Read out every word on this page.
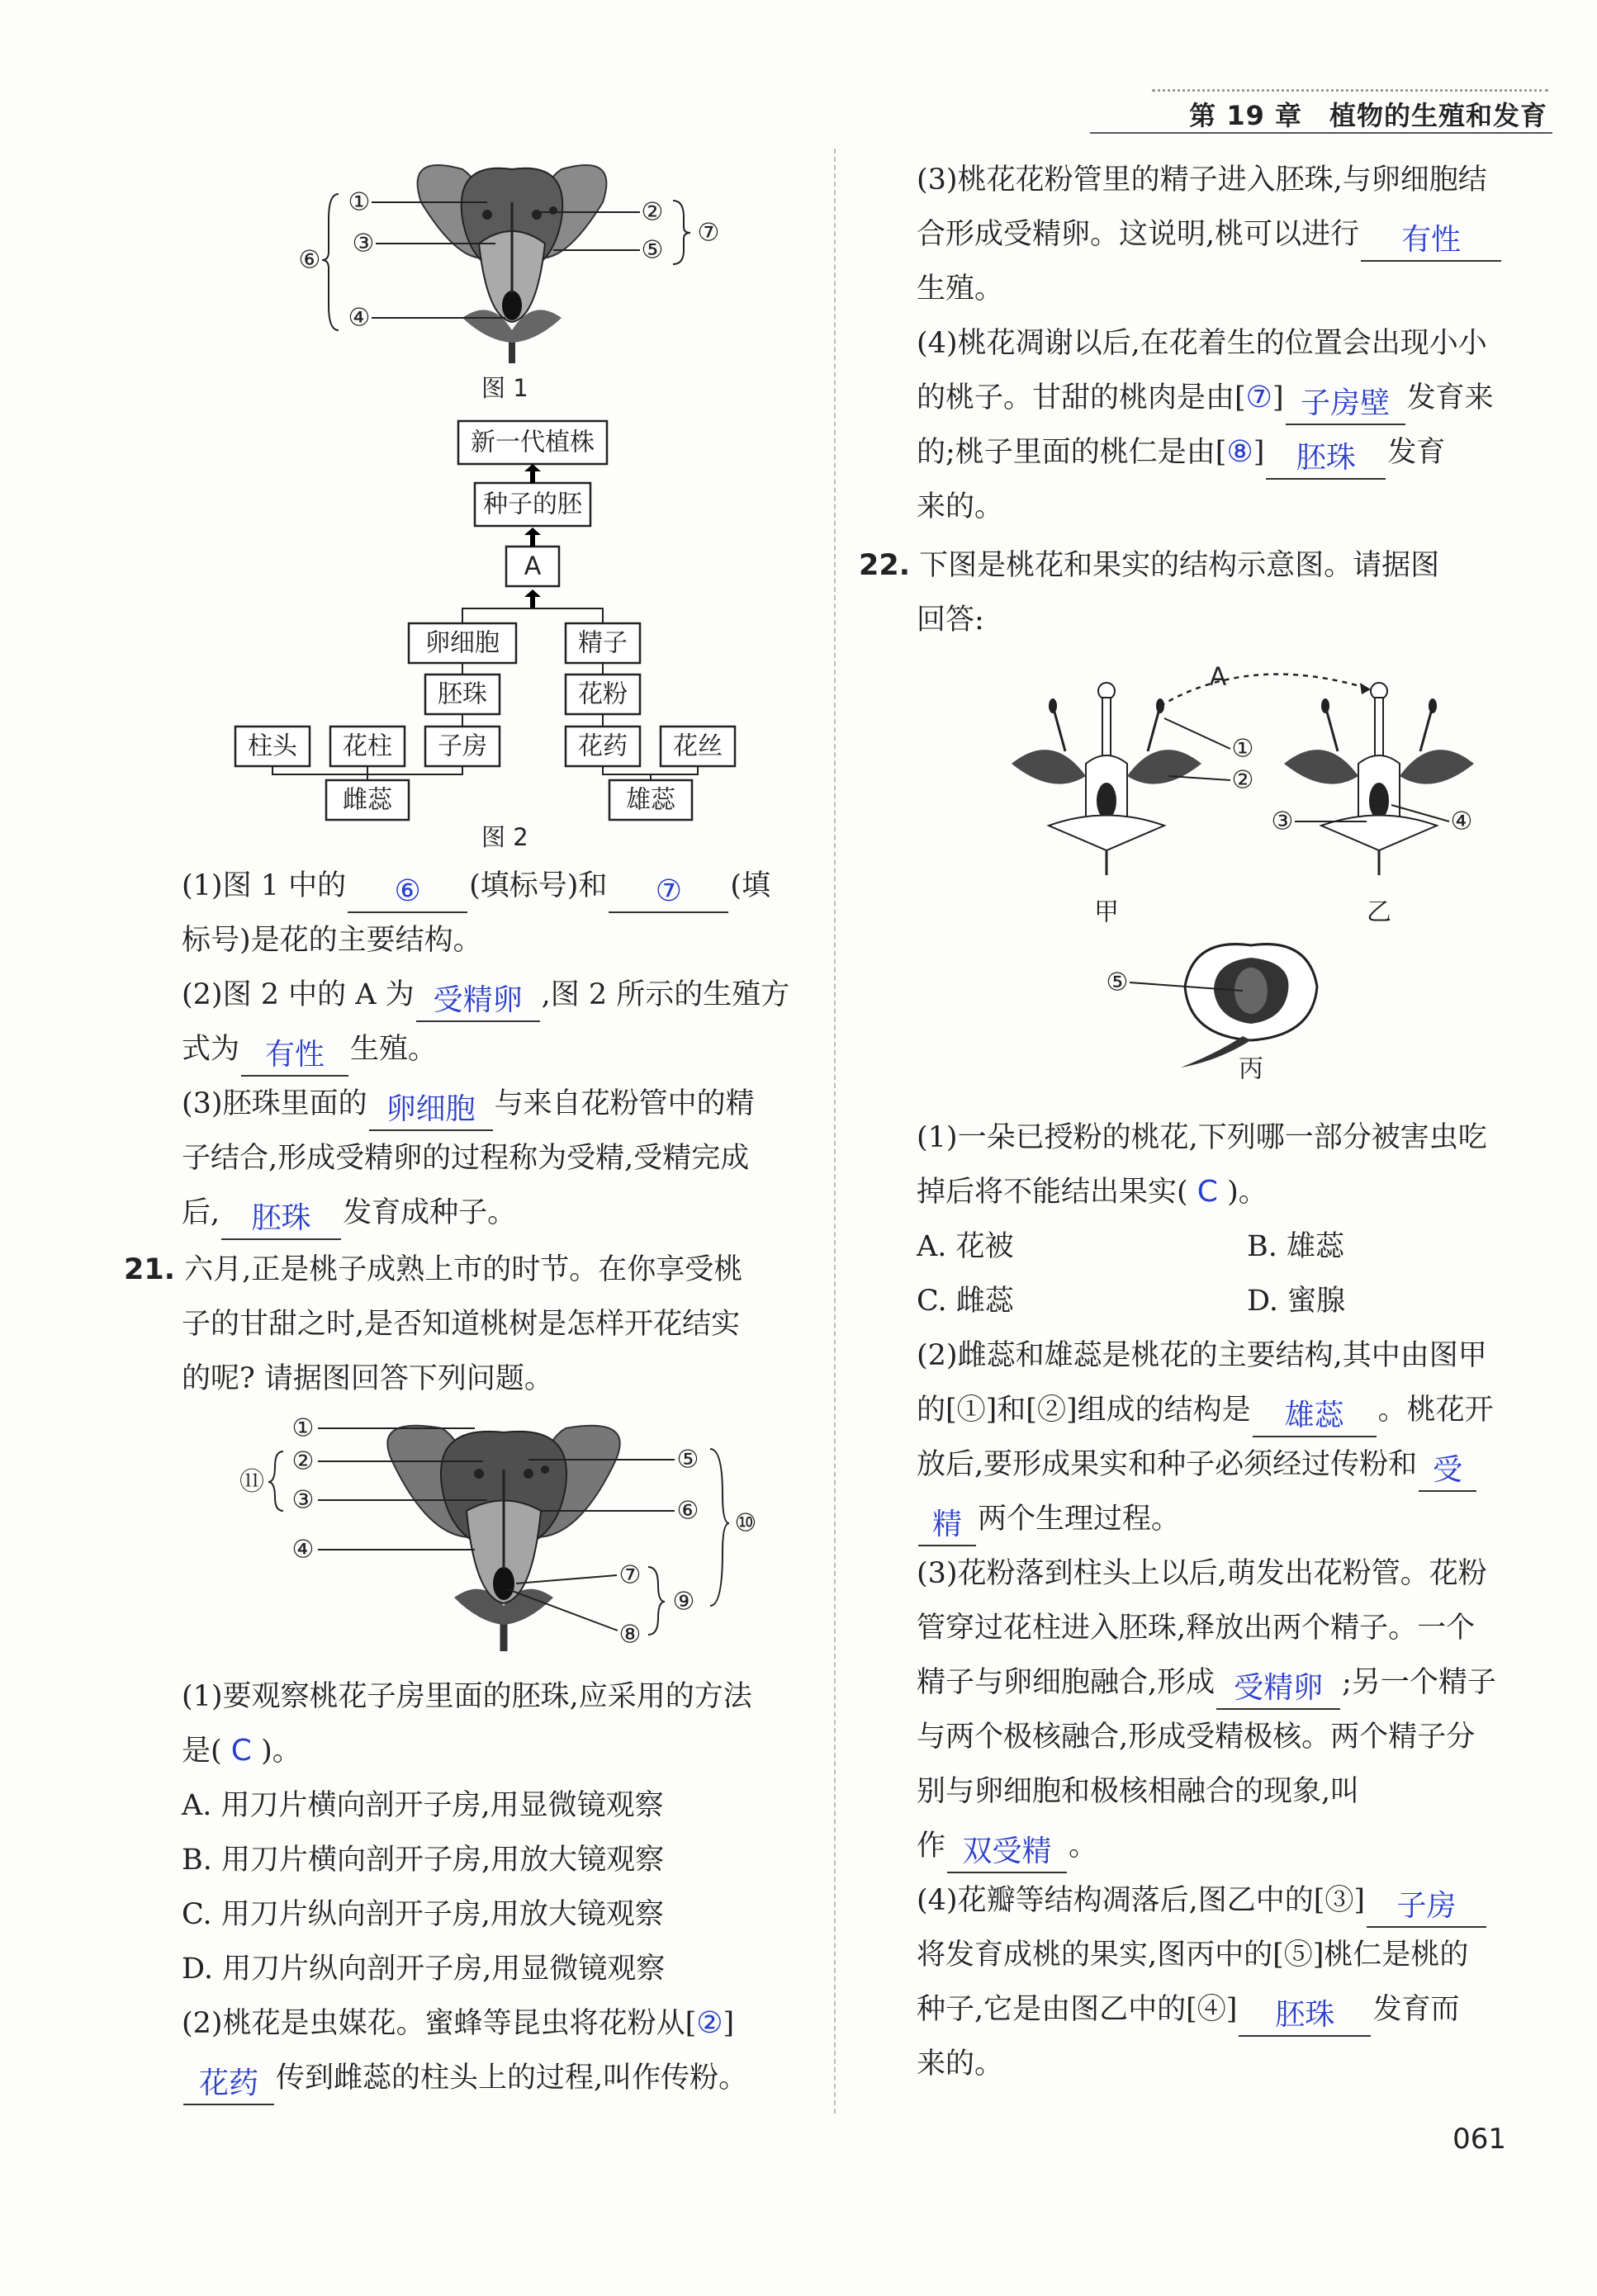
第 19 章　植物的生殖和发育
①
③
④
⑥
②
⑤
⑦
图 1
新一代植株
种子的胚
A
卵细胞	精子
胚珠	花粉
柱头 花柱 子房	花药 花丝
雌蕊	雄蕊
图 2
(1)图 1 中的 ⑥ (填标号)和 ⑦ (填
标号)是花的主要结构。
(2)图 2 中的 A 为 受精卵 ,图 2 所示的生殖方
式为 有性 生殖。
(3)胚珠里面的 卵细胞 与来自花粉管中的精
子结合,形成受精卵的过程称为受精,受精完成
后, 胚珠 发育成种子。
21. 六月,正是桃子成熟上市的时节。在你享受桃
子的甘甜之时,是否知道桃树是怎样开花结实
的呢? 请据图回答下列问题。
①
②
③
④
⑪
⑤
⑥
⑦
⑧
⑨
⑩
(1)要观察桃花子房里面的胚珠,应采用的方法
是( C )。
A. 用刀片横向剖开子房,用显微镜观察
B. 用刀片横向剖开子房,用放大镜观察
C. 用刀片纵向剖开子房,用放大镜观察
D. 用刀片纵向剖开子房,用显微镜观察
(2)桃花是虫媒花。蜜蜂等昆虫将花粉从[②]
花药 传到雌蕊的柱头上的过程,叫作传粉。
(3)桃花花粉管里的精子进入胚珠,与卵细胞结
合形成受精卵。这说明,桃可以进行 有性
生殖。
(4)桃花凋谢以后,在花着生的位置会出现小小
的桃子。甘甜的桃肉是由[⑦] 子房壁 发育来
的;桃子里面的桃仁是由[⑧] 胚珠 发育
来的。
22. 下图是桃花和果实的结构示意图。请据图
回答:
A
①
②
③	④
甲	乙
⑤
丙
(1)一朵已授粉的桃花,下列哪一部分被害虫吃
掉后将不能结出果实( C )。
A. 花被	B. 雄蕊
C. 雌蕊	D. 蜜腺
(2)雌蕊和雄蕊是桃花的主要结构,其中由图甲
的[①]和[②]组成的结构是 雄蕊 。桃花开
放后,要形成果实和种子必须经过传粉和 受
精 两个生理过程。
(3)花粉落到柱头上以后,萌发出花粉管。花粉
管穿过花柱进入胚珠,释放出两个精子。一个
精子与卵细胞融合,形成 受精卵 ;另一个精子
与两个极核融合,形成受精极核。两个精子分
别与卵细胞和极核相融合的现象,叫
作 双受精 。
(4)花瓣等结构凋落后,图乙中的[③] 子房
将发育成桃的果实,图丙中的[⑤]桃仁是桃的
种子,它是由图乙中的[④] 胚珠 发育而
来的。
061
